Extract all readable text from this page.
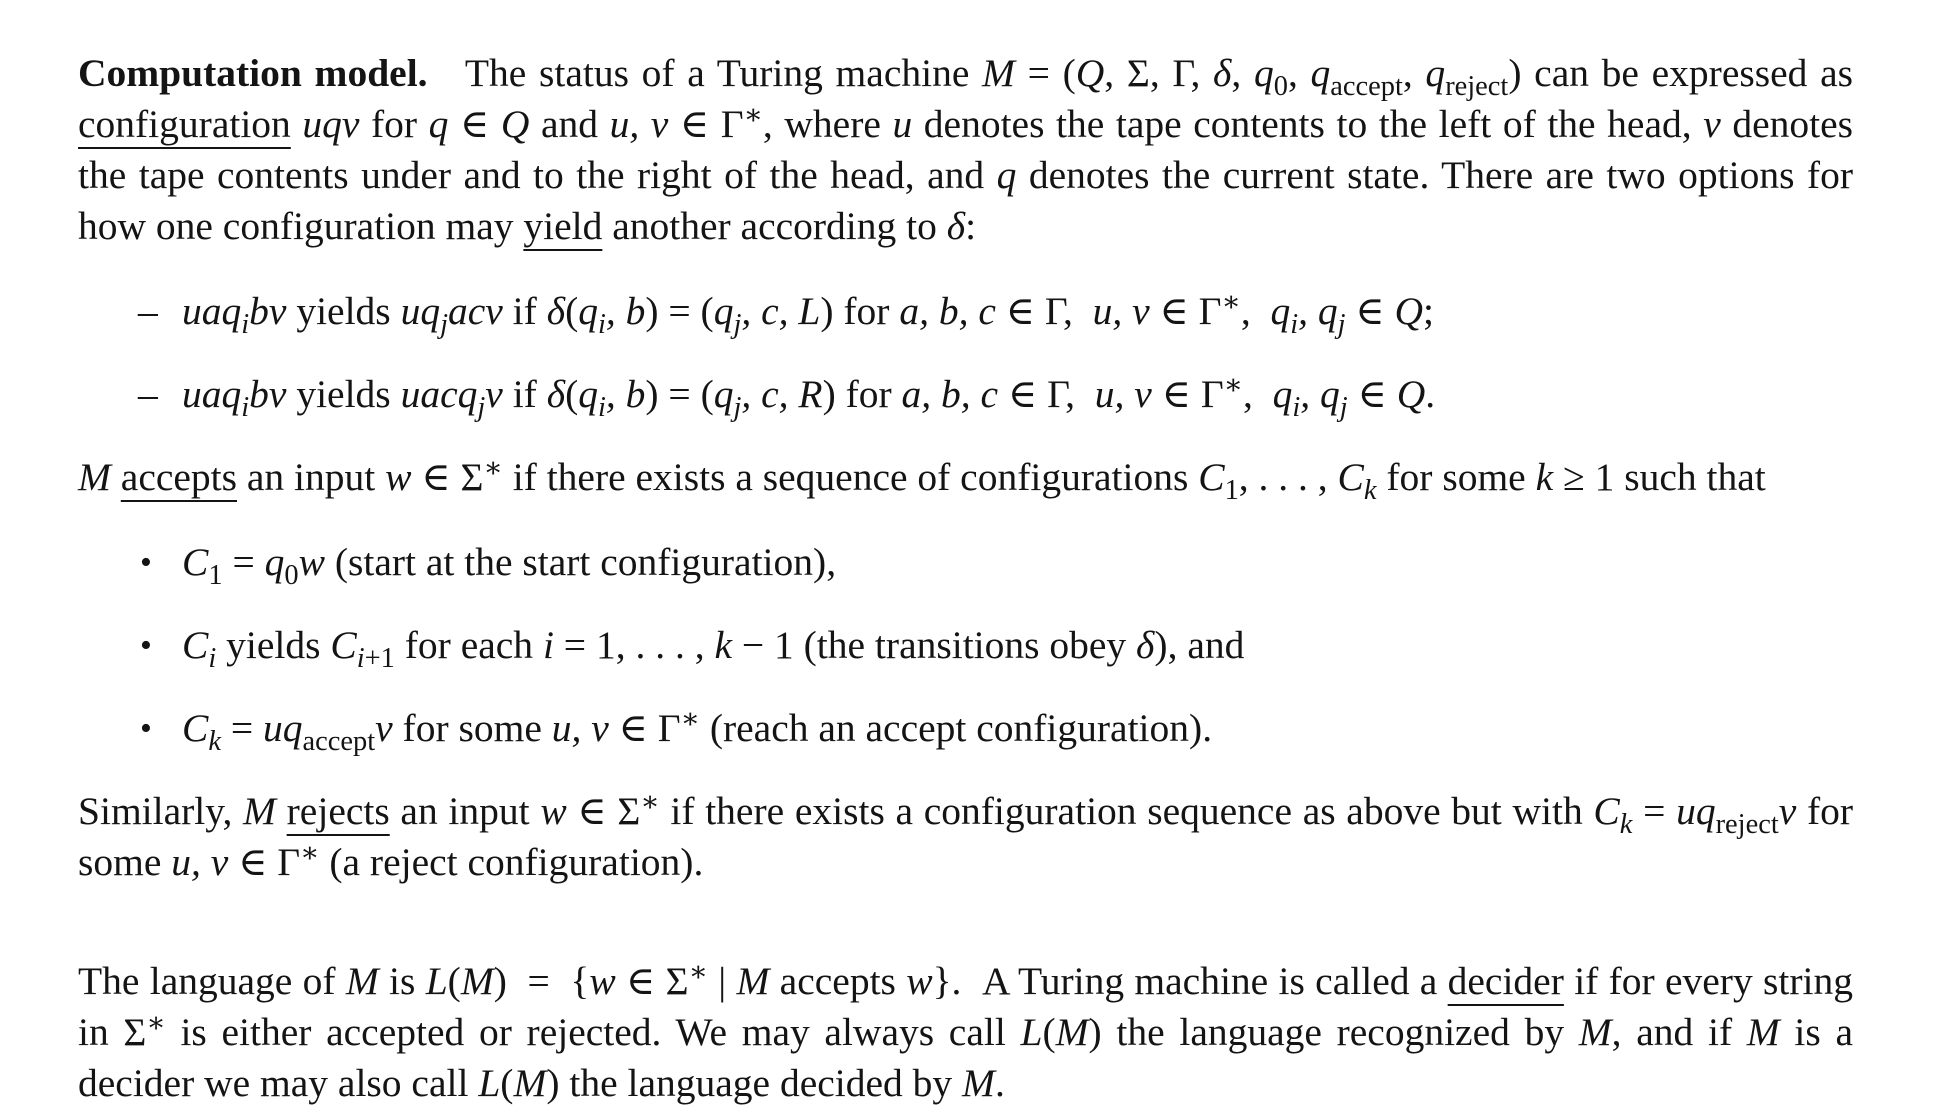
Computation model. The status of a Turing machine M = (Q, Σ, Γ, δ, $q_0$, $q_{accept}$, $q_{reject}$) can be expressed as configuration uqv for q ∈ Q and u, v ∈ Γ∗, where u denotes the tape contents to the left of the head, v denotes the tape contents under and to the right of the head, and q denotes the current state. There are two options for how one configuration may yield another according to δ:

– uaq$_i$bv yields $uq_jacv$ if $\delta(q_i$, $b) = (q_j$, c, L) for a, b, c ∈ Γ,  u, v ∈ Γ∗,  $q_i$, $q_j$ ∈ Q;
– uaq$_i$bv yields uacq$_j$v if $\delta(q_i$, $b) = (q_j$, c, R) for a, b, c ∈ Γ,  u, v ∈ Γ∗,  $q_i$, $q_j$ ∈ Q.

M accepts an input w ∈ Σ∗ if there exists a sequence of configurations $C_1$, . . . , $C_k$ for some k ≥ 1 such that

• $C_1 = q_0w$ (start at the start configuration),
• $C_i$ yields $C_{i+1}$ for each i = 1, . . . , k − 1 (the transitions obey δ), and
• $C_k = uq_{accept}v$ for some u, v ∈ Γ∗ (reach an accept configuration).

Similarly, M rejects an input w ∈ Σ∗ if there exists a configuration sequence as above but with $C_k = uq_{reject}v$ for some u, v ∈ Γ∗ (a reject configuration).

The language of M is L(M)  =  {w ∈ Σ∗ | M accepts w}.  A Turing machine is called a decider if for every string in Σ∗ is either accepted or rejected. We may always call L(M) the language recognized by M, and if M is a decider we may also call L(M) the language decided by M.
